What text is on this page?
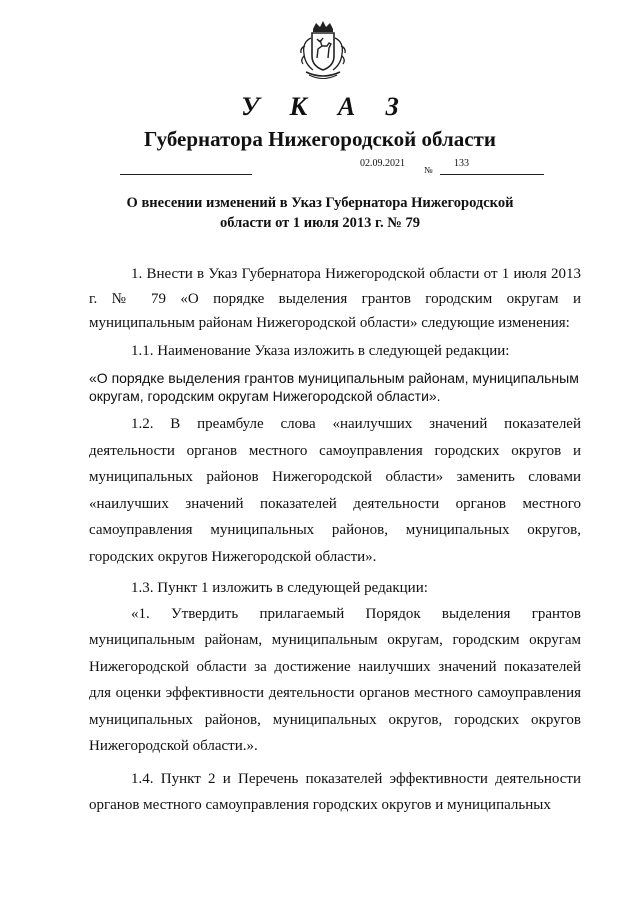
У К А З
Губернатора Нижегородской области
02.09.2021
№
133
О внесении изменений в Указ Губернатора Нижегородской
области от 1 июля 2013 г. № 79

1. Внести в Указ Губернатора Нижегородской области от 1 июля 2013 г. № 79 «О порядке выделения грантов городским округам и муниципальным районам Нижегородской области» следующие изменения:

1.1. Наименование Указа изложить в следующей редакции:

«О порядке выделения грантов муниципальным районам, муниципальным
округам, городским округам Нижегородской области».

1.2. В преамбуле слова «наилучших значений показателей деятельности органов местного самоуправления городских округов и муниципальных районов Нижегородской области» заменить словами «наилучших значений показателей деятельности органов местного самоуправления муниципальных районов, муниципальных округов, городских округов Нижегородской области».

1.3. Пункт 1 изложить в следующей редакции:

«1. Утвердить прилагаемый Порядок выделения грантов муниципальным районам, муниципальным округам, городским округам Нижегородской области за достижение наилучших значений показателей для оценки эффективности деятельности органов местного самоуправления муниципальных районов, муниципальных округов, городских округов Нижегородской области.».

1.4. Пункт 2 и Перечень показателей эффективности деятельности органов местного самоуправления городских округов и муниципальных
